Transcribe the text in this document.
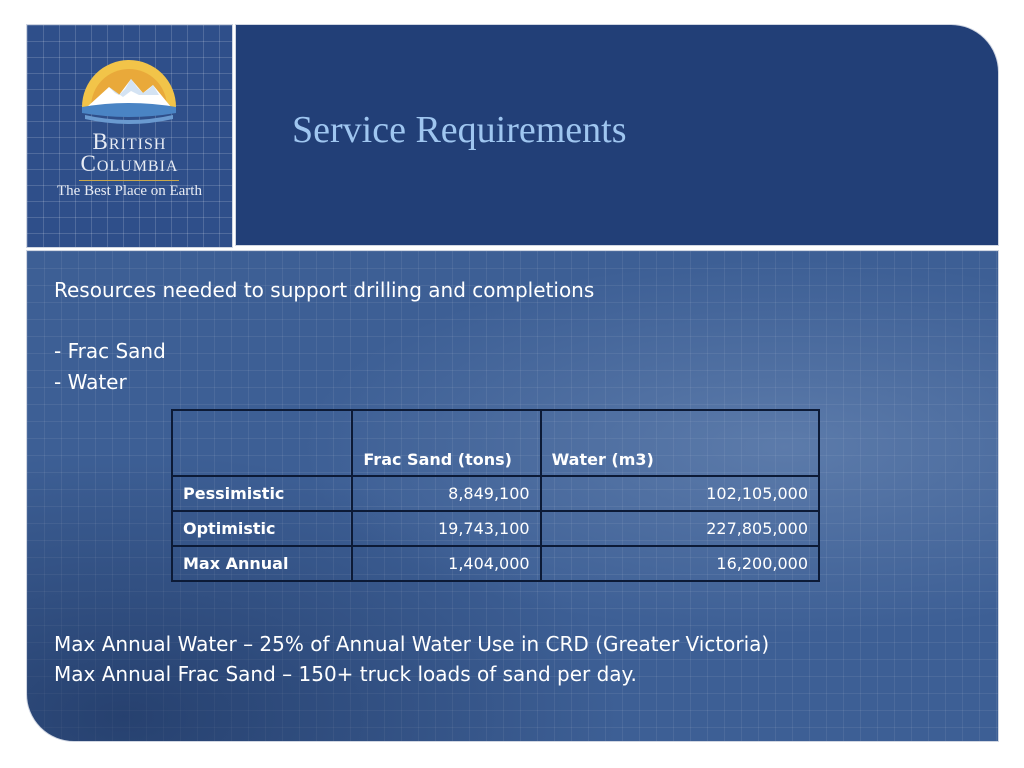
British
Columbia
The Best Place on Earth
Service Requirements

Resources needed to support drilling and completions

- Frac Sand

- Water

	Frac Sand (tons)	Water (m3)
Pessimistic	8,849,100	102,105,000
Optimistic	19,743,100	227,805,000
Max Annual	1,404,000	16,200,000

Max Annual Water – 25% of Annual Water Use in CRD (Greater Victoria)

Max Annual Frac Sand – 150+ truck loads of sand per day.
